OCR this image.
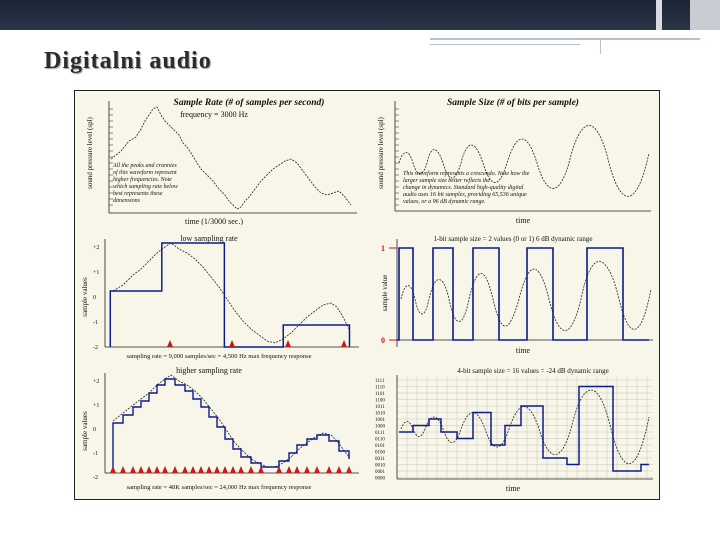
Digitalni audio
Sample Rate (# of samples per second)
frequency = 3000 Hz
sound pressure level (spl)	All the peaks and crannies of this waveform represent higher frequencies. Note which sampling rate below best represents these dimensions
time (1/3000 sec.)
Sample Size (# of bits per sample)
sound pressure level (spl)	This waveform represents a crescendo. Note how the larger sample size better reflects the change in dynamics. Standard high-quality digital audio uses 16 bit samples, providing 65,536 unique values, or a 96 dB dynamic range.
time
low sampling rate
sample values
+2
+1
0
-1
-2
sampling rate = 9,000 samples/sec = 4,500 Hz max frequency response
1-bit sample size = 2 values (0 or 1) 6 dB dynamic range
sample value
1
0
time
higher sampling rate
sample values
+2
+1
0
-1
-2
sampling rate = 48K samples/sec = 24,000 Hz max frequency response
4-bit sample size = 16 values = -24 dB dynamic range
1111
1110
1101
1100
1011
1010
1001
1000
0111
0110
0101
0100
0011
0010
0001
0000
time
